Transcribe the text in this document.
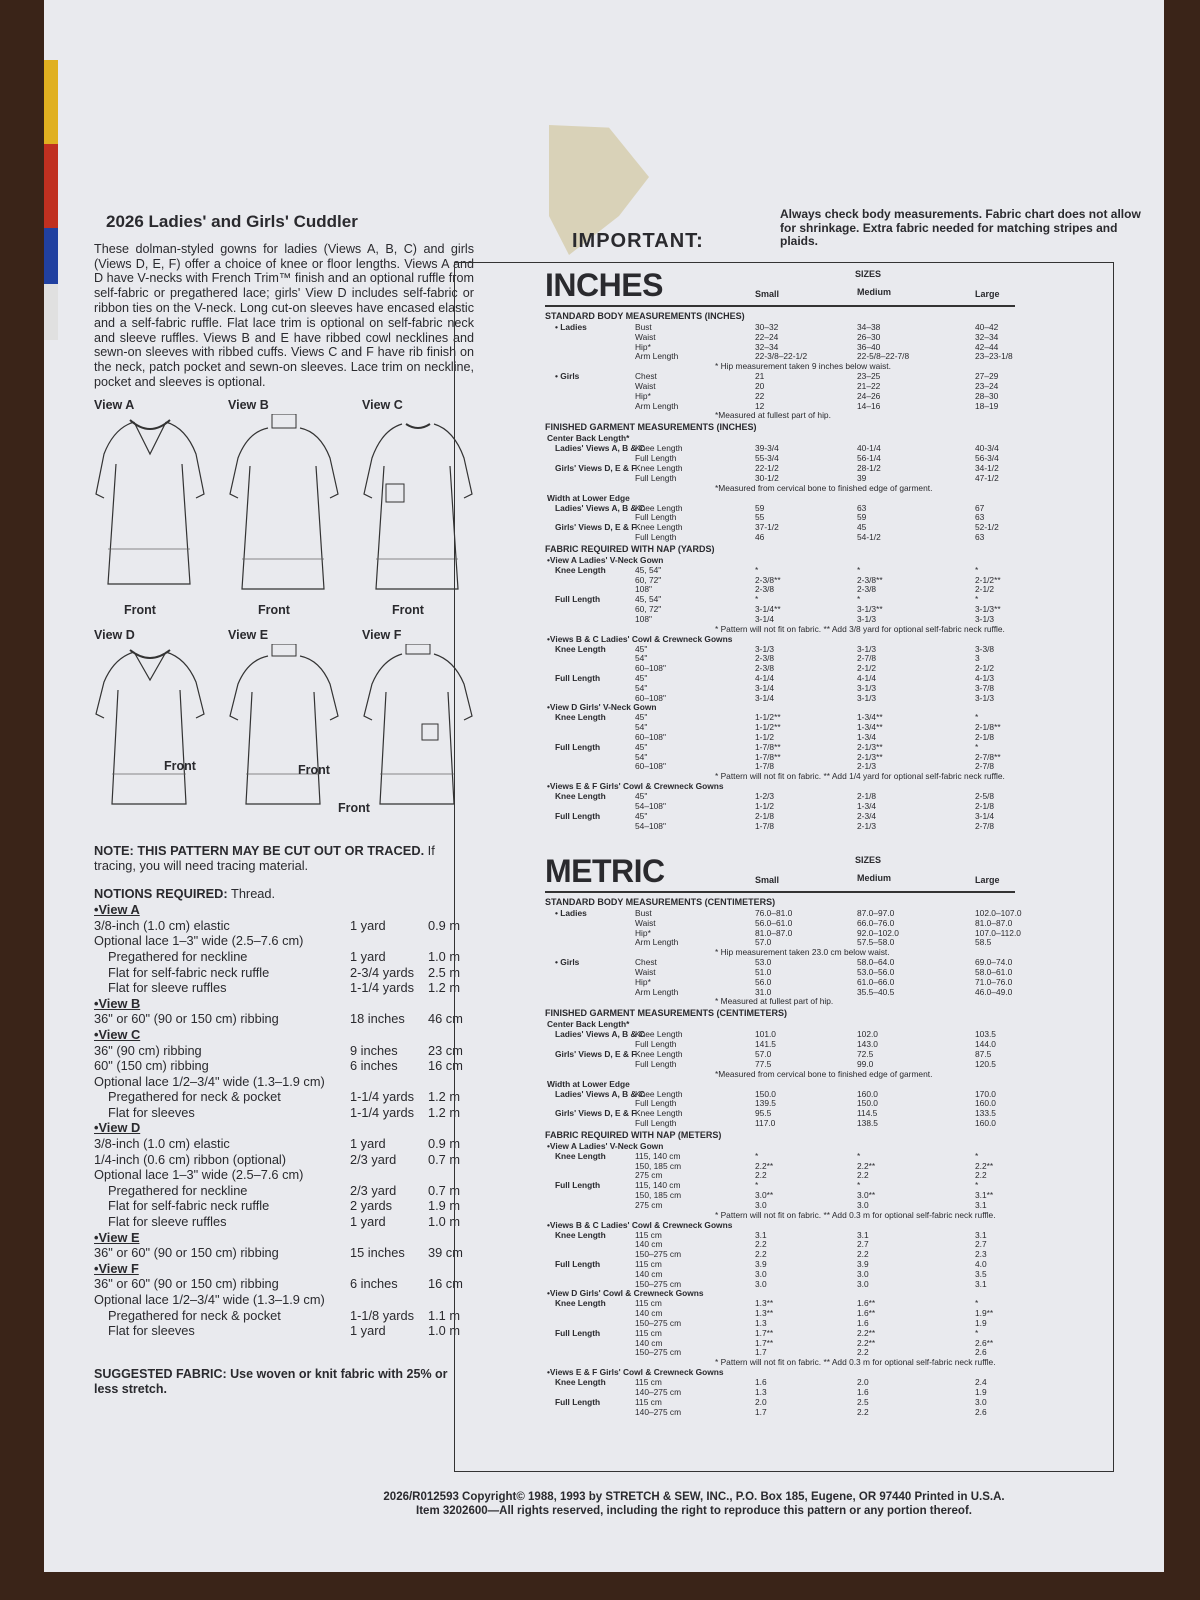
2026 Ladies' and Girls' Cuddler
These dolman-styled gowns for ladies (Views A, B, C) and girls (Views D, E, F) offer a choice of knee or floor lengths. Views A and D have V-necks with French Trim™ finish and an optional ruffle from self-fabric or pregathered lace; girls' View D includes self-fabric or ribbon ties on the V-neck. Long cut-on sleeves have encased elastic and a self-fabric ruffle. Flat lace trim is optional on self-fabric neck and sleeve ruffles. Views B and E have ribbed cowl necklines and sewn-on sleeves with ribbed cuffs. Views C and F have rib finish on the neck, patch pocket and sewn-on sleeves. Lace trim on neckline, pocket and sleeves is optional.
View A
Front
View B
Front
View C
Front
View D
Front
View E
Front
View F
Front
NOTE: THIS PATTERN MAY BE CUT OUT OR TRACED. If tracing, you will need tracing material.
NOTIONS REQUIRED: Thread.
•View A
3/8-inch (1.0 cm) elastic	1 yard	0.9 m
Optional lace 1–3" wide (2.5–7.6 cm)
Pregathered for neckline	1 yard	1.0 m
Flat for self-fabric neck ruffle	2-3/4 yards	2.5 m
Flat for sleeve ruffles	1-1/4 yards	1.2 m
•View B
36" or 60" (90 or 150 cm) ribbing	18 inches	46 cm
•View C
36" (90 cm) ribbing	9 inches	23 cm
60" (150 cm) ribbing	6 inches	16 cm
Optional lace 1/2–3/4" wide (1.3–1.9 cm)
Pregathered for neck & pocket	1-1/4 yards	1.2 m
Flat for sleeves	1-1/4 yards	1.2 m
•View D
3/8-inch (1.0 cm) elastic	1 yard	0.9 m
1/4-inch (0.6 cm) ribbon (optional)	2/3 yard	0.7 m
Optional lace 1–3" wide (2.5–7.6 cm)
Pregathered for neckline	2/3 yard	0.7 m
Flat for self-fabric neck ruffle	2 yards	1.9 m
Flat for sleeve ruffles	1 yard	1.0 m
•View E
36" or 60" (90 or 150 cm) ribbing	15 inches	39 cm
•View F
36" or 60" (90 or 150 cm) ribbing	6 inches	16 cm
Optional lace 1/2–3/4" wide (1.3–1.9 cm)
Pregathered for neck & pocket	1-1/8 yards	1.1 m
Flat for sleeves	1 yard	1.0 m
SUGGESTED FABRIC: Use woven or knit fabric with 25% or less stretch.
IMPORTANT:
Always check body measurements. Fabric chart does not allow for shrinkage. Extra fabric needed for matching stripes and plaids.
INCHES	SIZES
Small	Medium	Large
STANDARD BODY MEASUREMENTS (INCHES)
• Ladies	Bust	30–32	34–38	40–42
Waist	22–24	26–30	32–34
Hip*	32–34	36–40	42–44
Arm Length	22-3/8–22-1/2	22-5/8–22-7/8	23–23-1/8
* Hip measurement taken 9 inches below waist.
• Girls	Chest	21	23–25	27–29
Waist	20	21–22	23–24
Hip*	22	24–26	28–30
Arm Length	12	14–16	18–19
*Measured at fullest part of hip.
FINISHED GARMENT MEASUREMENTS (INCHES)
Center Back Length*
Ladies' Views A, B & C
Knee Length	39-3/4	40-1/4	40-3/4
Full Length	55-3/4	56-1/4	56-3/4
Girls' Views D, E & F
Knee Length	22-1/2	28-1/2	34-1/2
Full Length	30-1/2	39	47-1/2
*Measured from cervical bone to finished edge of garment.
Width at Lower Edge
Ladies' Views A, B & C
Knee Length	59	63	67
Full Length	55	59	63
Girls' Views D, E & F
Knee Length	37-1/2	45	52-1/2
Full Length	46	54-1/2	63
FABRIC REQUIRED WITH NAP (YARDS)
•View A Ladies' V-Neck Gown
Knee Length	45, 54"	*	*	*
60, 72"	2-3/8**	2-3/8**	2-1/2**
108"	2-3/8	2-3/8	2-1/2
Full Length	45, 54"	*	*	*
60, 72"	3-1/4**	3-1/3**	3-1/3**
108"	3-1/4	3-1/3	3-1/3
* Pattern will not fit on fabric. ** Add 3/8 yard for optional self-fabric neck ruffle.
•Views B & C Ladies' Cowl & Crewneck Gowns
Knee Length	45"	3-1/3	3-1/3	3-3/8
54"	2-3/8	2-7/8	3
60–108"	2-3/8	2-1/2	2-1/2
Full Length	45"	4-1/4	4-1/4	4-1/3
54"	3-1/4	3-1/3	3-7/8
60–108"	3-1/4	3-1/3	3-1/3
•View D Girls' V-Neck Gown
Knee Length	45"	1-1/2**	1-3/4**	*
54"	1-1/2**	1-3/4**	2-1/8**
60–108"	1-1/2	1-3/4	2-1/8
Full Length	45"	1-7/8**	2-1/3**	*
54"	1-7/8**	2-1/3**	2-7/8**
60–108"	1-7/8	2-1/3	2-7/8
* Pattern will not fit on fabric. ** Add 1/4 yard for optional self-fabric neck ruffle.
•Views E & F Girls' Cowl & Crewneck Gowns
Knee Length	45"	1-2/3	2-1/8	2-5/8
54–108"	1-1/2	1-3/4	2-1/8
Full Length	45"	2-1/8	2-3/4	3-1/4
54–108"	1-7/8	2-1/3	2-7/8
METRIC	SIZES
Small	Medium	Large
STANDARD BODY MEASUREMENTS (CENTIMETERS)
• Ladies	Bust	76.0–81.0	87.0–97.0	102.0–107.0
Waist	56.0–61.0	66.0–76.0	81.0–87.0
Hip*	81.0–87.0	92.0–102.0	107.0–112.0
Arm Length	57.0	57.5–58.0	58.5
* Hip measurement taken 23.0 cm below waist.
• Girls	Chest	53.0	58.0–64.0	69.0–74.0
Waist	51.0	53.0–56.0	58.0–61.0
Hip*	56.0	61.0–66.0	71.0–76.0
Arm Length	31.0	35.5–40.5	46.0–49.0
* Measured at fullest part of hip.
FINISHED GARMENT MEASUREMENTS (CENTIMETERS)
Center Back Length*
Ladies' Views A, B & C
Knee Length	101.0	102.0	103.5
Full Length	141.5	143.0	144.0
Girls' Views D, E & F
Knee Length	57.0	72.5	87.5
Full Length	77.5	99.0	120.5
*Measured from cervical bone to finished edge of garment.
Width at Lower Edge
Ladies' Views A, B & C
Knee Length	150.0	160.0	170.0
Full Length	139.5	150.0	160.0
Girls' Views D, E & F
Knee Length	95.5	114.5	133.5
Full Length	117.0	138.5	160.0
FABRIC REQUIRED WITH NAP (METERS)
•View A Ladies' V-Neck Gown
Knee Length	115, 140 cm	*	*	*
150, 185 cm	2.2**	2.2**	2.2**
275 cm	2.2	2.2	2.2
Full Length	115, 140 cm	*	*	*
150, 185 cm	3.0**	3.0**	3.1**
275 cm	3.0	3.0	3.1
* Pattern will not fit on fabric. ** Add 0.3 m for optional self-fabric neck ruffle.
•Views B & C Ladies' Cowl & Crewneck Gowns
Knee Length	115 cm	3.1	3.1	3.1
140 cm	2.2	2.7	2.7
150–275 cm	2.2	2.2	2.3
Full Length	115 cm	3.9	3.9	4.0
140 cm	3.0	3.0	3.5
150–275 cm	3.0	3.0	3.1
•View D Girls' Cowl & Crewneck Gowns
Knee Length	115 cm	1.3**	1.6**	*
140 cm	1.3**	1.6**	1.9**
150–275 cm	1.3	1.6	1.9
Full Length	115 cm	1.7**	2.2**	*
140 cm	1.7**	2.2**	2.6**
150–275 cm	1.7	2.2	2.6
* Pattern will not fit on fabric. ** Add 0.3 m for optional self-fabric neck ruffle.
•Views E & F Girls' Cowl & Crewneck Gowns
Knee Length	115 cm	1.6	2.0	2.4
140–275 cm	1.3	1.6	1.9
Full Length	115 cm	2.0	2.5	3.0
140–275 cm	1.7	2.2	2.6
2026/R012593 Copyright© 1988, 1993 by STRETCH & SEW, INC., P.O. Box 185, Eugene, OR 97440 Printed in U.S.A.
Item 3202600—All rights reserved, including the right to reproduce this pattern or any portion thereof.
